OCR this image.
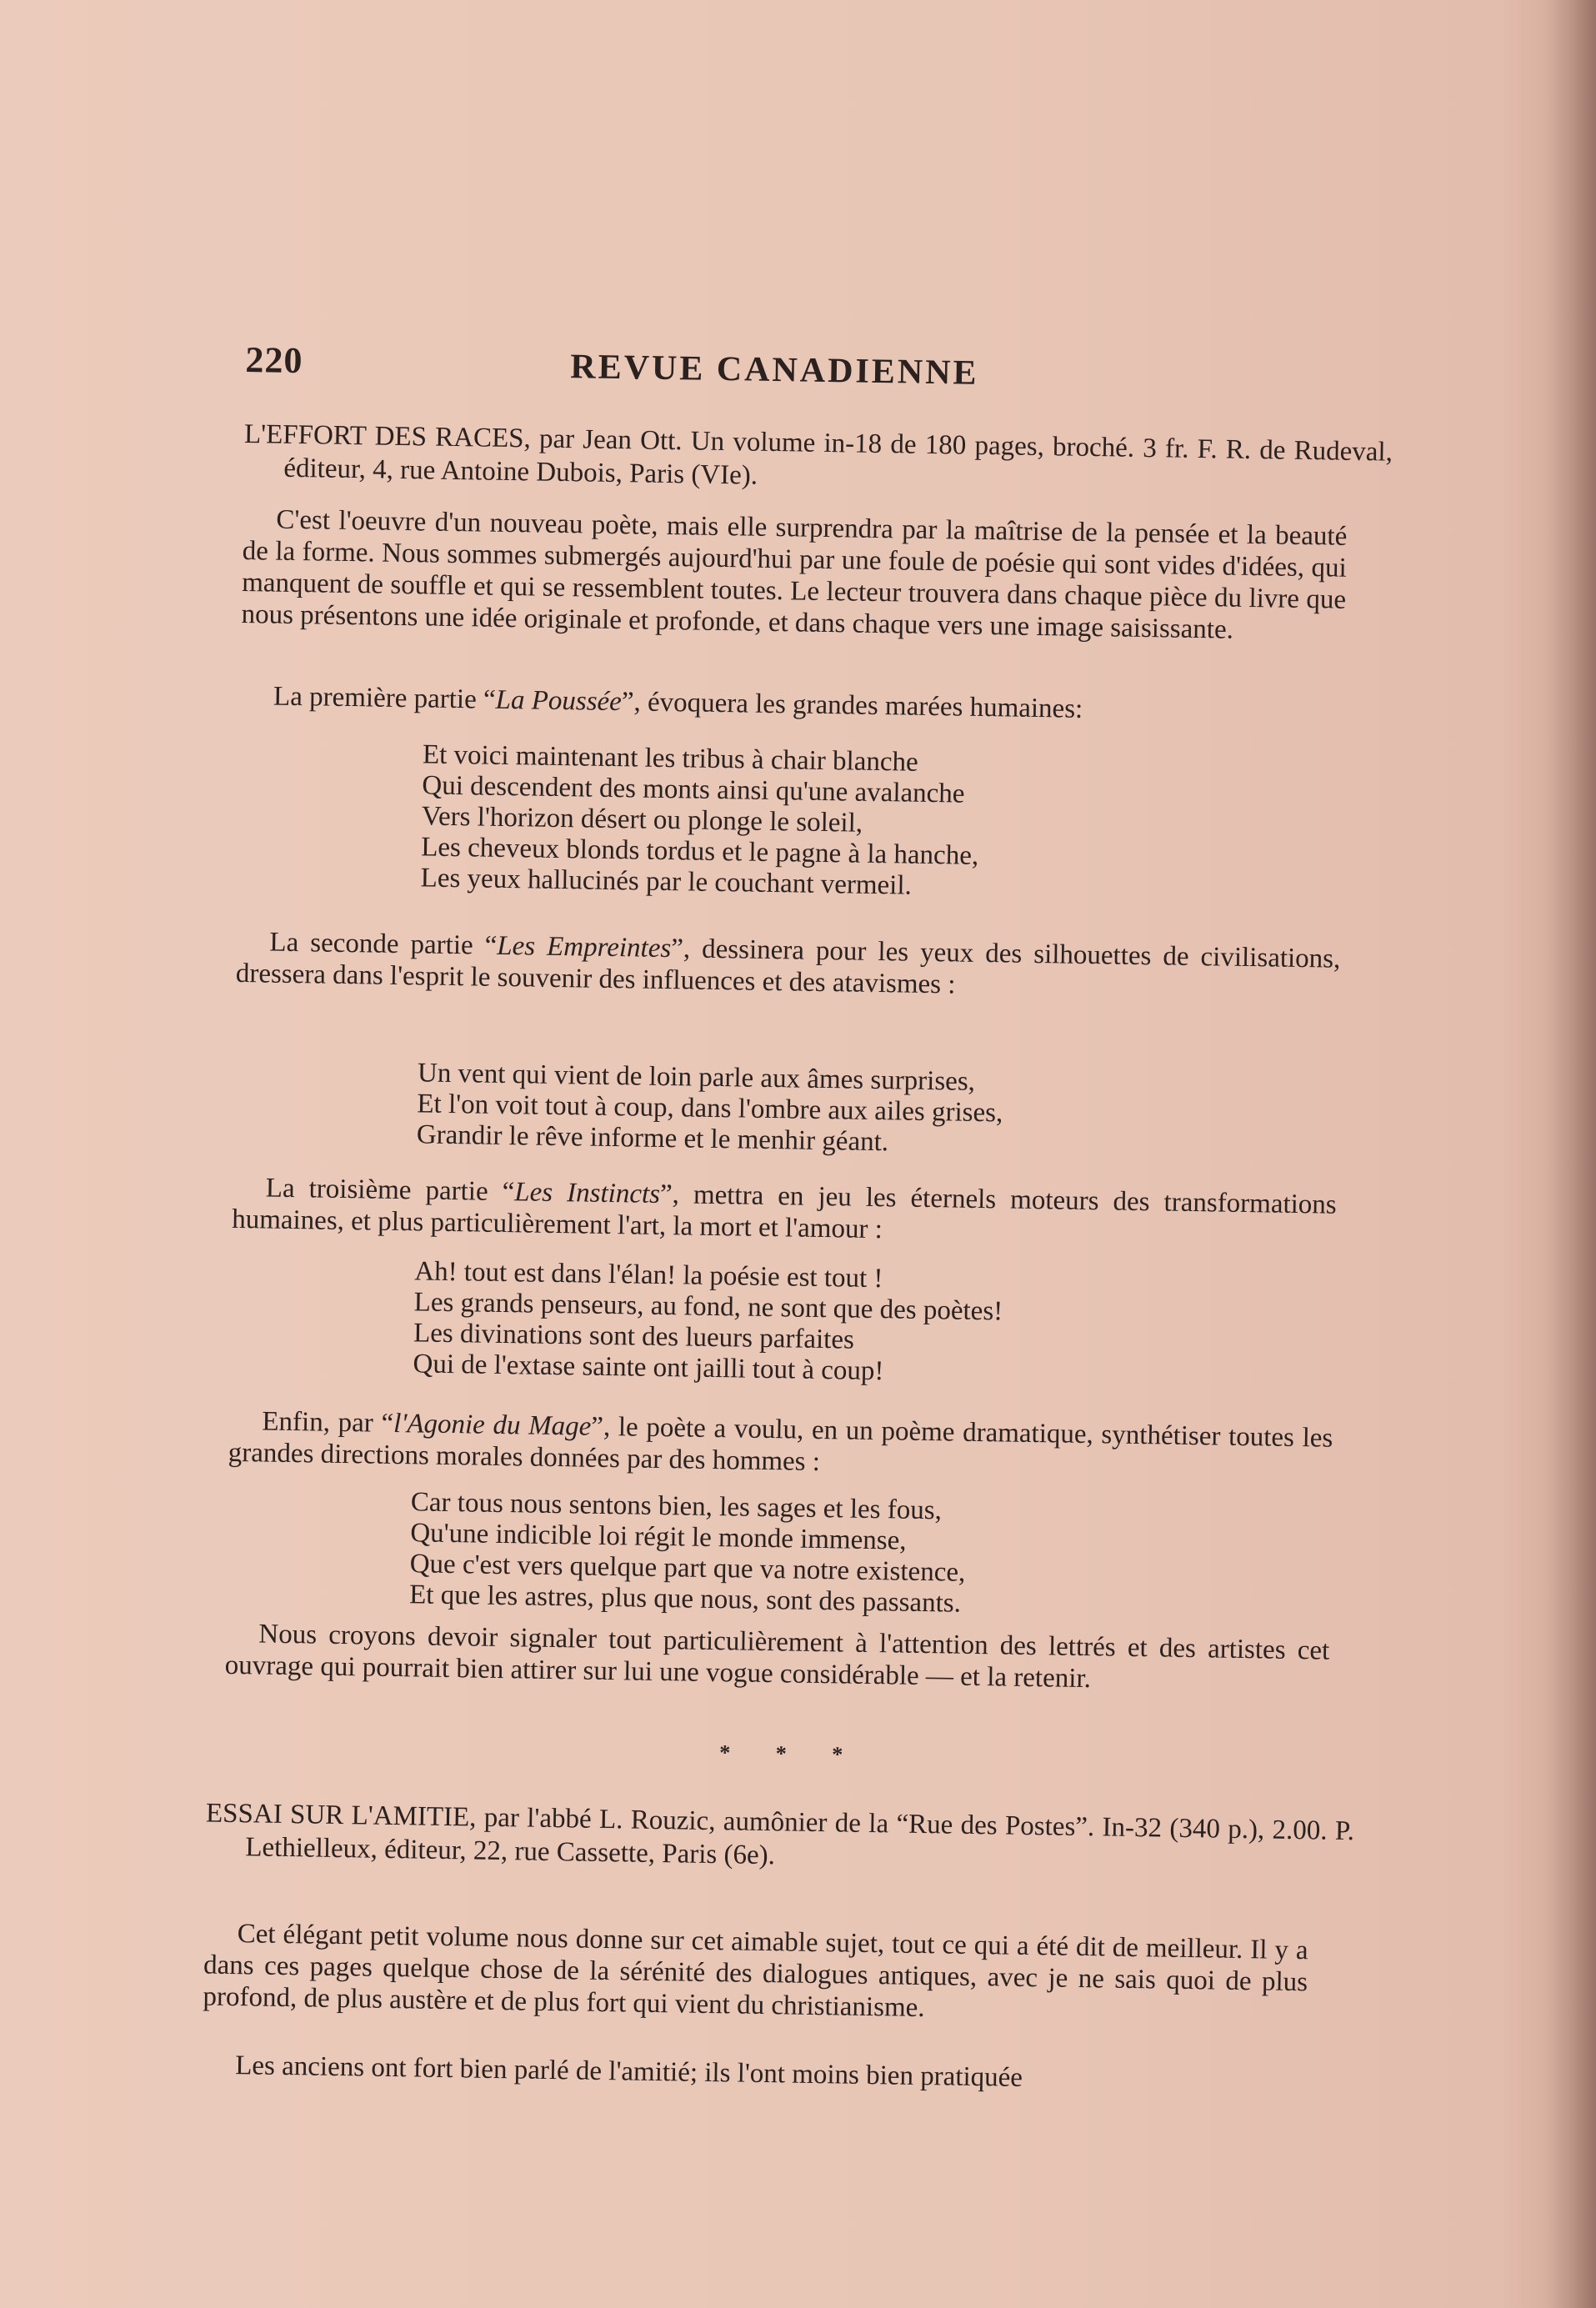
220	REVUE CANADIENNE
L'EFFORT DES RACES, par Jean Ott. Un volume in-18 de 180 pages, broché. 3 fr. F. R. de Rudeval, éditeur, 4, rue Antoine Dubois, Paris (VIe).
C'est l'oeuvre d'un nouveau poète, mais elle surprendra par la maîtrise de la pensée et la beauté de la forme. Nous sommes submergés aujourd'hui par une foule de poésie qui sont vides d'idées, qui manquent de souffle et qui se ressemblent toutes. Le lecteur trouvera dans chaque pièce du livre que nous présentons une idée originale et profonde, et dans chaque vers une image saisissante.
La première partie “La Poussée”, évoquera les grandes marées humaines:
Et voici maintenant les tribus à chair blanche
Qui descendent des monts ainsi qu'une avalanche
Vers l'horizon désert ou plonge le soleil,
Les cheveux blonds tordus et le pagne à la hanche,
Les yeux hallucinés par le couchant vermeil.
La seconde partie “Les Empreintes”, dessinera pour les yeux des silhouettes de civilisations, dressera dans l'esprit le souvenir des influences et des atavismes :
Un vent qui vient de loin parle aux âmes surprises,
Et l'on voit tout à coup, dans l'ombre aux ailes grises,
Grandir le rêve informe et le menhir géant.
La troisième partie “Les Instincts”, mettra en jeu les éternels moteurs des transformations humaines, et plus particulièrement l'art, la mort et l'amour :
Ah! tout est dans l'élan! la poésie est tout !
Les grands penseurs, au fond, ne sont que des poètes!
Les divinations sont des lueurs parfaites
Qui de l'extase sainte ont jailli tout à coup!
Enfin, par “l'Agonie du Mage”, le poète a voulu, en un poème dramatique, synthétiser toutes les grandes directions morales données par des hommes :
Car tous nous sentons bien, les sages et les fous,
Qu'une indicible loi régit le monde immense,
Que c'est vers quelque part que va notre existence,
Et que les astres, plus que nous, sont des passants.
Nous croyons devoir signaler tout particulièrement à l'attention des lettrés et des artistes cet ouvrage qui pourrait bien attirer sur lui une vogue considérable — et la retenir.
* * *
ESSAI SUR L'AMITIE, par l'abbé L. Rouzic, aumônier de la “Rue des Postes”. In-32 (340 p.), 2.00. P. Lethielleux, éditeur, 22, rue Cassette, Paris (6e).
Cet élégant petit volume nous donne sur cet aimable sujet, tout ce qui a été dit de meilleur. Il y a dans ces pages quelque chose de la sérénité des dialogues antiques, avec je ne sais quoi de plus profond, de plus austère et de plus fort qui vient du christianisme.
Les anciens ont fort bien parlé de l'amitié; ils l'ont moins bien pratiquée
